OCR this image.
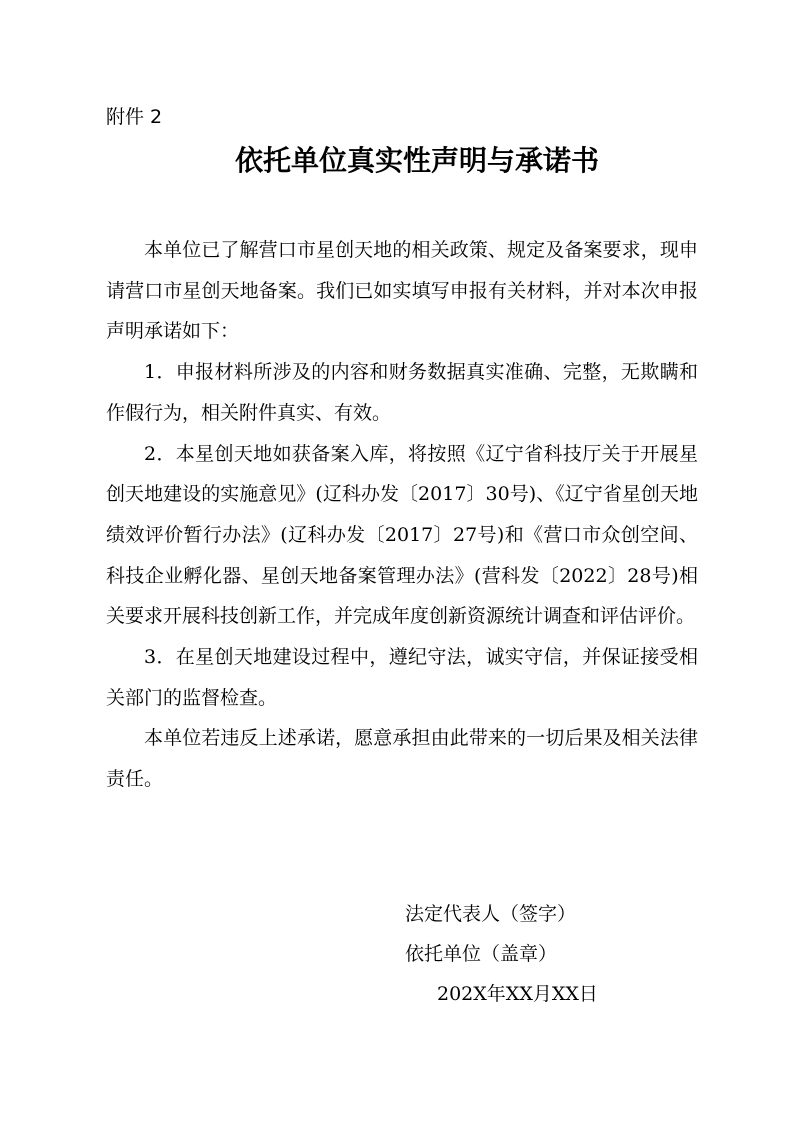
附件 2
依托单位真实性声明与承诺书

本单位已了解营口市星创天地的相关政策、规定及备案要求，现申请营口市星创天地备案。我们已如实填写申报有关材料，并对本次申报声明承诺如下：

1．申报材料所涉及的内容和财务数据真实准确、完整，无欺瞒和作假行为，相关附件真实、有效。

2．本星创天地如获备案入库，将按照《辽宁省科技厅关于开展星创天地建设的实施意见》(辽科办发〔2017〕30号)、《辽宁省星创天地绩效评价暂行办法》(辽科办发〔2017〕27号)和《营口市众创空间、科技企业孵化器、星创天地备案管理办法》(营科发〔2022〕28号)相关要求开展科技创新工作，并完成年度创新资源统计调查和评估评价。

3．在星创天地建设过程中，遵纪守法，诚实守信，并保证接受相关部门的监督检查。

本单位若违反上述承诺，愿意承担由此带来的一切后果及相关法律责任。

法定代表人（签字）
依托单位（盖章）
202X年XX月XX日
